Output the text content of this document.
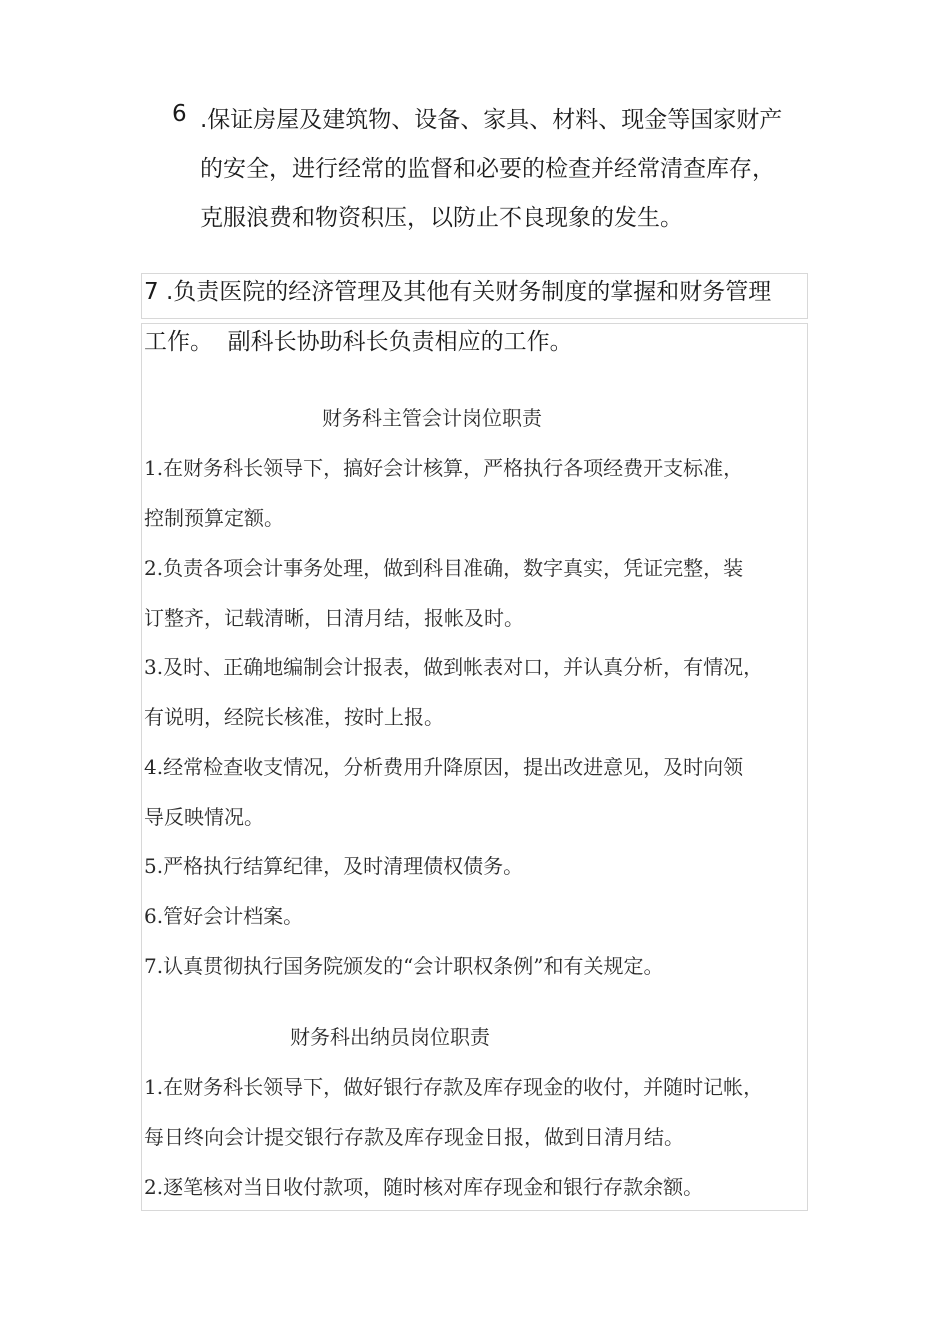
6 .保证房屋及建筑物、设备、家具、材料、现金等国家财产
的安全，进行经常的监督和必要的检查并经常清查库存，
克服浪费和物资积压，以防止不良现象的发生。
7 .负责医院的经济管理及其他有关财务制度的掌握和财务管理
工作。  副科长协助科长负责相应的工作。
财务科主管会计岗位职责
1.在财务科长领导下，搞好会计核算，严格执行各项经费开支标准，
控制预算定额。
2.负责各项会计事务处理，做到科目准确，数字真实，凭证完整，装
订整齐，记载清晰，日清月结，报帐及时。
3.及时、正确地编制会计报表，做到帐表对口，并认真分析，有情况，
有说明，经院长核准，按时上报。
4.经常检查收支情况，分析费用升降原因，提出改进意见，及时向领
导反映情况。
5.严格执行结算纪律，及时清理债权债务。
6.管好会计档案。
7.认真贯彻执行国务院颁发的“会计职权条例”和有关规定。
财务科出纳员岗位职责
1.在财务科长领导下，做好银行存款及库存现金的收付，并随时记帐，
每日终向会计提交银行存款及库存现金日报，做到日清月结。
2.逐笔核对当日收付款项，随时核对库存现金和银行存款余额。
